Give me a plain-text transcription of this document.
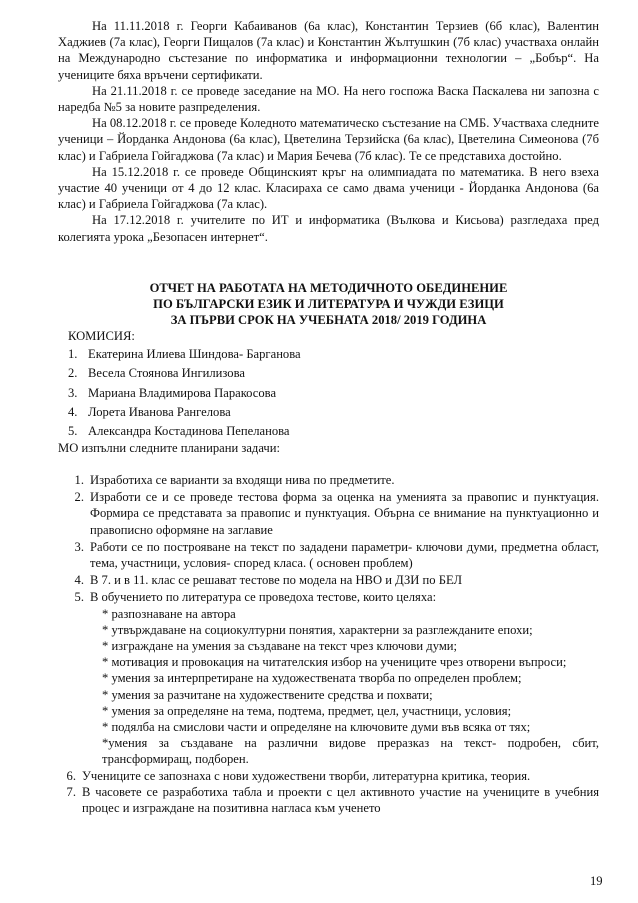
На 11.11.2018 г. Георги Кабаиванов (6а клас), Константин Терзиев (6б клас), Валентин Хаджиев (7а клас), Георги Пищалов (7а клас) и Константин Жълтушкин (7б клас) участваха онлайн на Международно състезание по информатика и информационни технологии – „Бобър“. На учениците бяха връчени сертификати.

На 21.11.2018 г. се проведе заседание на МО. На него госпожа Васка Паскалева ни запозна с наредба №5 за новите разпределения.

На 08.12.2018 г. се проведе Коледното математическо състезание на СМБ. Участваха следните ученици – Йорданка Андонова (6а клас), Цветелина Терзийска (6а клас), Цветелина Симеонова (7б клас) и Габриела Гойгаджова (7а клас) и Мария Бечева (7б клас). Те се представиха достойно.

На 15.12.2018 г. се проведе Общинският кръг на олимпиадата по математика. В него взеха участие 40 ученици от 4 до 12 клас. Класираха се само двама ученици - Йорданка Андонова (6а клас) и Габриела Гойгаджова (7а клас).

На 17.12.2018 г. учителите по ИТ и информатика (Вълкова и Кисьова) разгледаха пред колегията урока „Безопасен интернет“.

ОТЧЕТ НА РАБОТАТА НА МЕТОДИЧНОТО ОБЕДИНЕНИЕ

ПО БЪЛГАРСКИ ЕЗИК И ЛИТЕРАТУРА И ЧУЖДИ ЕЗИЦИ

ЗА ПЪРВИ СРОК НА УЧЕБНАТА 2018/ 2019 ГОДИНА

КОМИСИЯ:

1. Екатерина Илиева Шиндова- Барганова
2. Весела Стоянова Ингилизова
3. Мариана Владимирова Паракосова
4. Лорета Иванова Рангелова
5. Александра Костадинова Пепеланова

МО изпълни следните планирани задачи:

1. Изработиха се варианти за входящи нива по предметите.
2. Изработи се и се проведе тестова форма за оценка на уменията за правопис и пунктуация. Формира се представата за правопис и пунктуация. Обърна се внимание на пунктуационно и правописно оформяне на заглавие
3. Работи се по построяване на текст по зададени параметри- ключови думи, предметна област, тема, участници, условия- според класа. ( основен проблем)
4. В 7. и в 11. клас се решават тестове по модела на НВО и ДЗИ по БЕЛ
5. В обучението по литература се проведоха тестове, които целяха:
* разпознаване на автора
* утвърждаване на социокултурни понятия, характерни за разглежданите епохи;
* изграждане на умения за създаване на текст чрез ключови думи;
* мотивация и провокация на читателския избор на учениците чрез отворени въпроси;
* умения за интерпретиране на художествената творба по определен проблем;
* умения за разчитане на художествените средства и похвати;
* умения за определяне на тема, подтема, предмет, цел, участници, условия;
* подялба на смислови части и определяне на ключовите думи във всяка от тях;
*умения за създаване на различни видове преразказ на текст- подробен, сбит, трансформиращ, подборен.
6. Учениците се запознаха с нови художествени творби, литературна критика, теория.
7. В часовете се разработиха табла и проекти с цел активното участие на учениците в учебния процес и изграждане на позитивна нагласа към ученето
19
